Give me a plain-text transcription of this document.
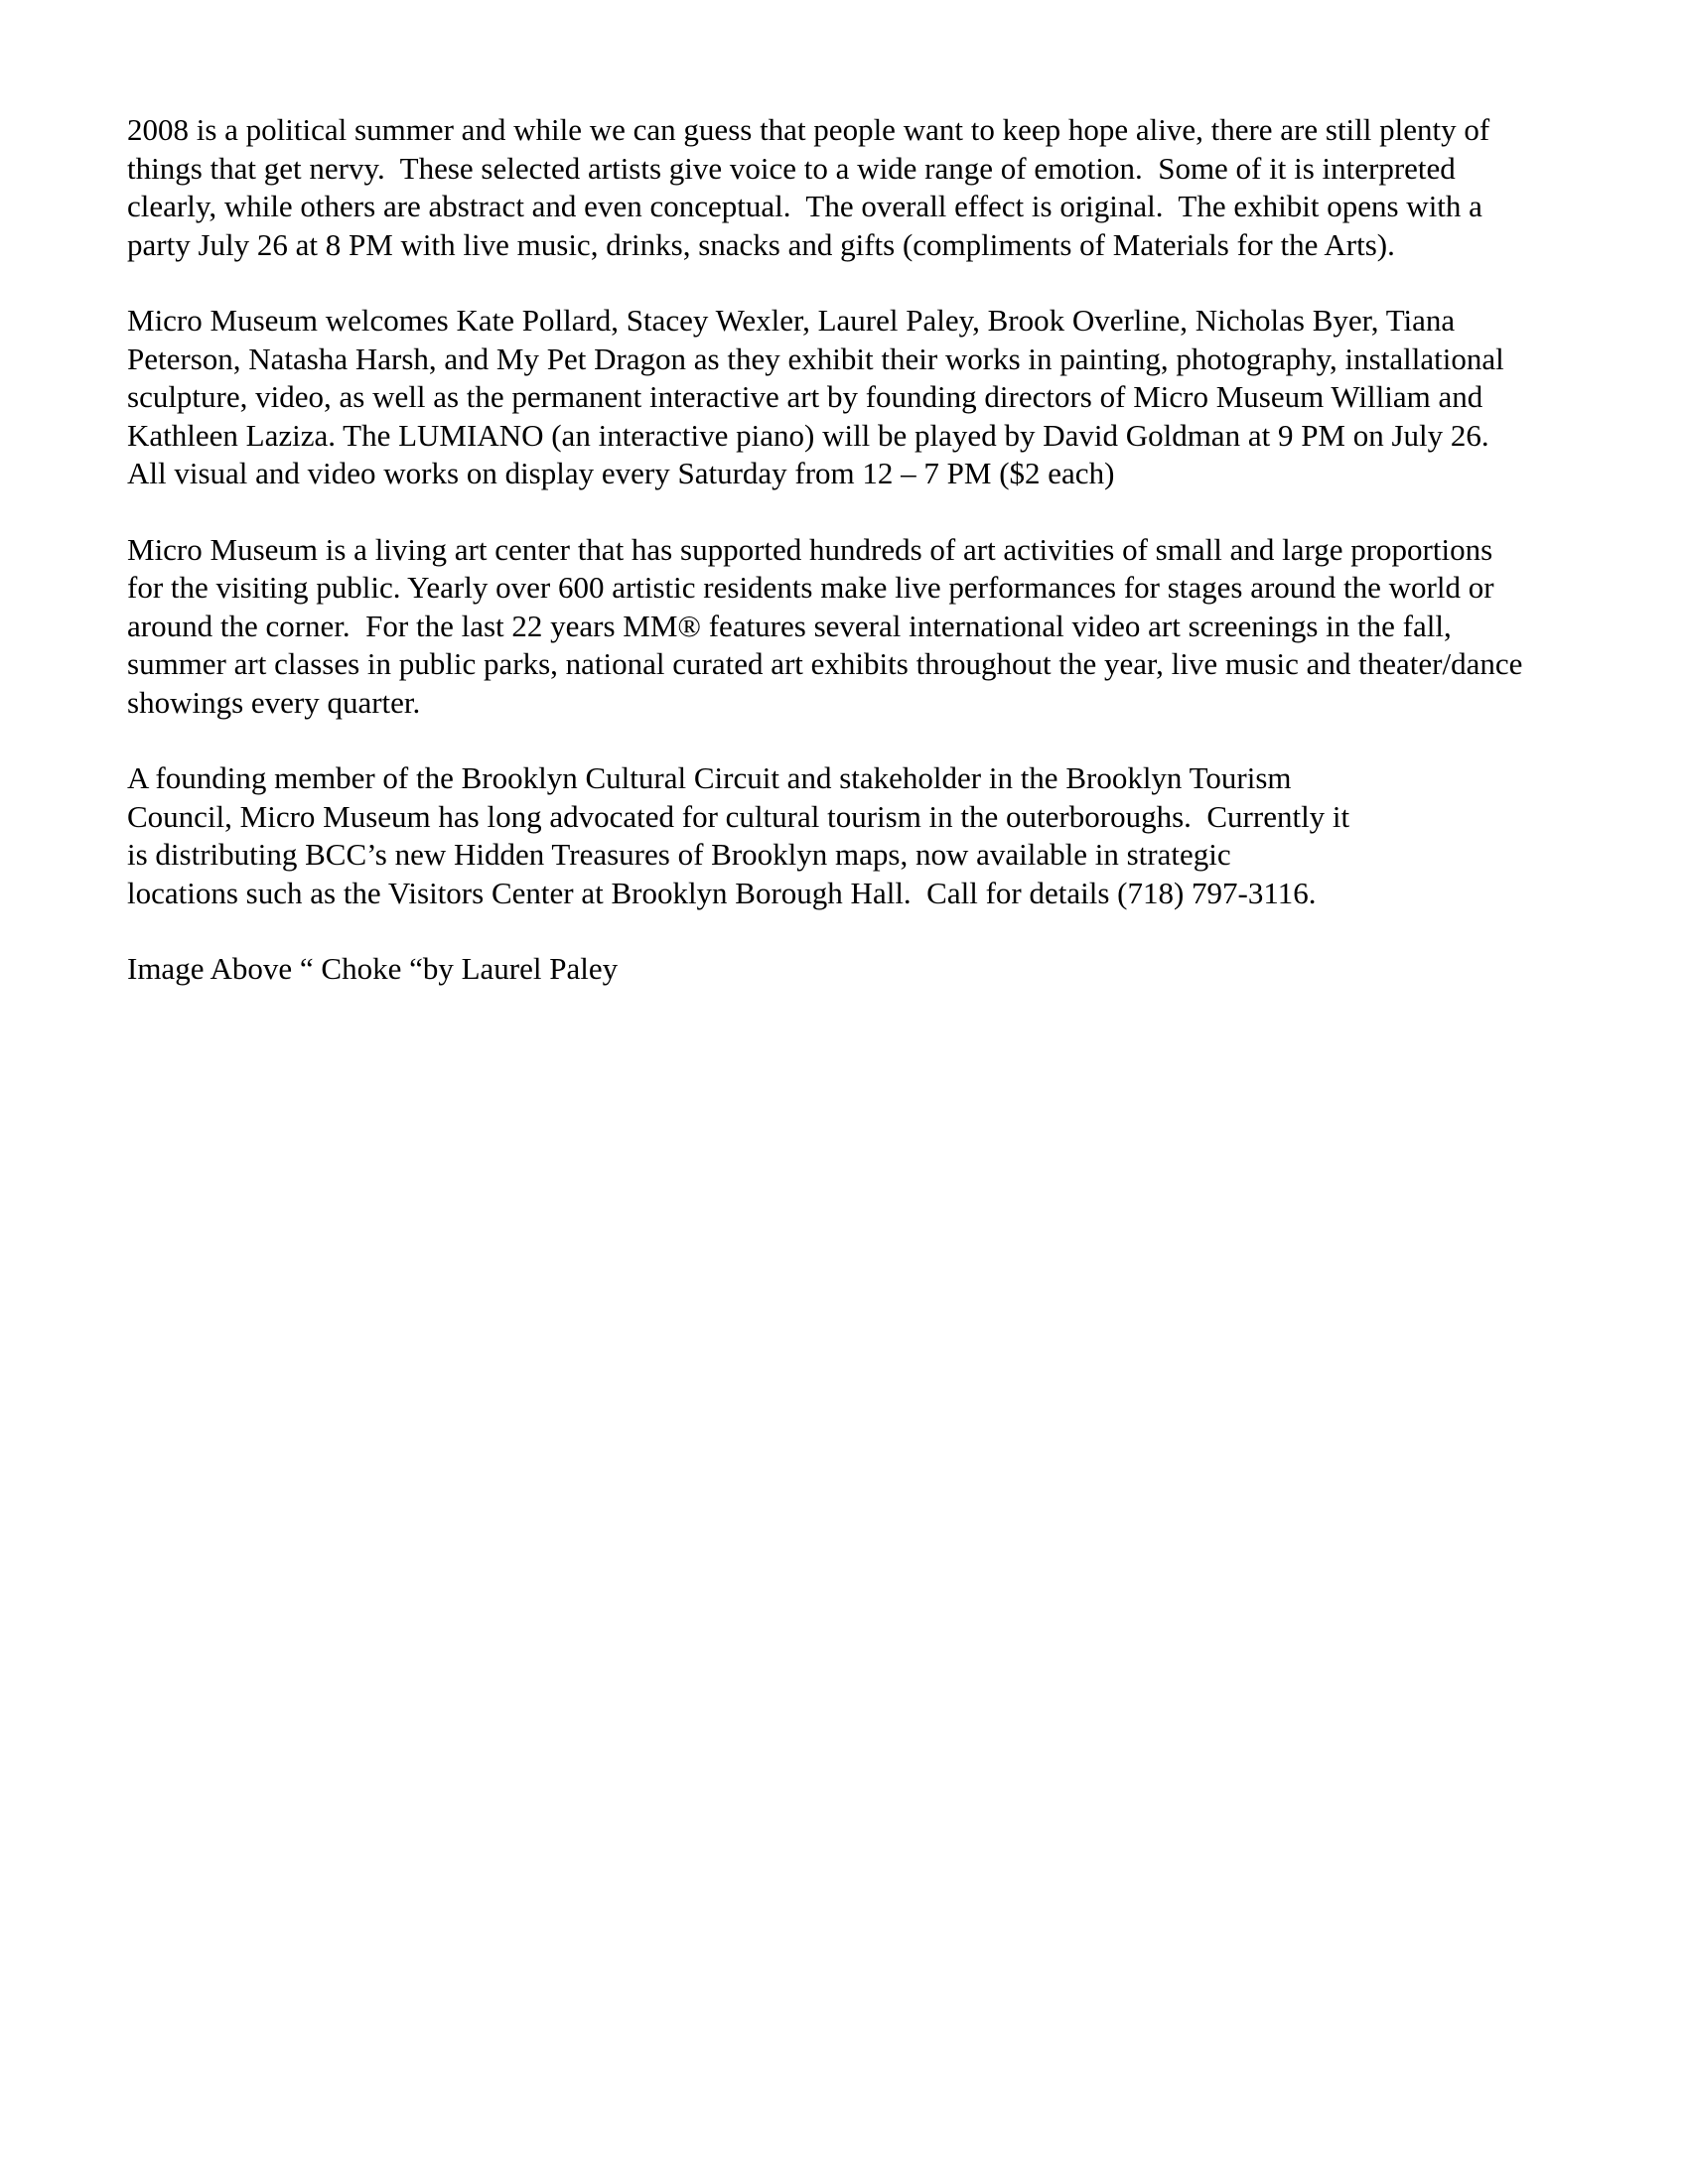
2008 is a political summer and while we can guess that people want to keep hope alive, there are still plenty of
things that get nervy.  These selected artists give voice to a wide range of emotion.  Some of it is interpreted
clearly, while others are abstract and even conceptual.  The overall effect is original.  The exhibit opens with a
party July 26 at 8 PM with live music, drinks, snacks and gifts (compliments of Materials for the Arts).

Micro Museum welcomes Kate Pollard, Stacey Wexler, Laurel Paley, Brook Overline, Nicholas Byer, Tiana
Peterson, Natasha Harsh, and My Pet Dragon as they exhibit their works in painting, photography, installational
sculpture, video, as well as the permanent interactive art by founding directors of Micro Museum William and
Kathleen Laziza. The LUMIANO (an interactive piano) will be played by David Goldman at 9 PM on July 26.
All visual and video works on display every Saturday from 12 – 7 PM ($2 each)

Micro Museum is a living art center that has supported hundreds of art activities of small and large proportions
for the visiting public. Yearly over 600 artistic residents make live performances for stages around the world or
around the corner.  For the last 22 years MM® features several international video art screenings in the fall,
summer art classes in public parks, national curated art exhibits throughout the year, live music and theater/dance
showings every quarter.

A founding member of the Brooklyn Cultural Circuit and stakeholder in the Brooklyn Tourism
Council, Micro Museum has long advocated for cultural tourism in the outerboroughs.  Currently it
is distributing BCC’s new Hidden Treasures of Brooklyn maps, now available in strategic
locations such as the Visitors Center at Brooklyn Borough Hall.  Call for details (718) 797-3116.

Image Above “ Choke “by Laurel Paley
